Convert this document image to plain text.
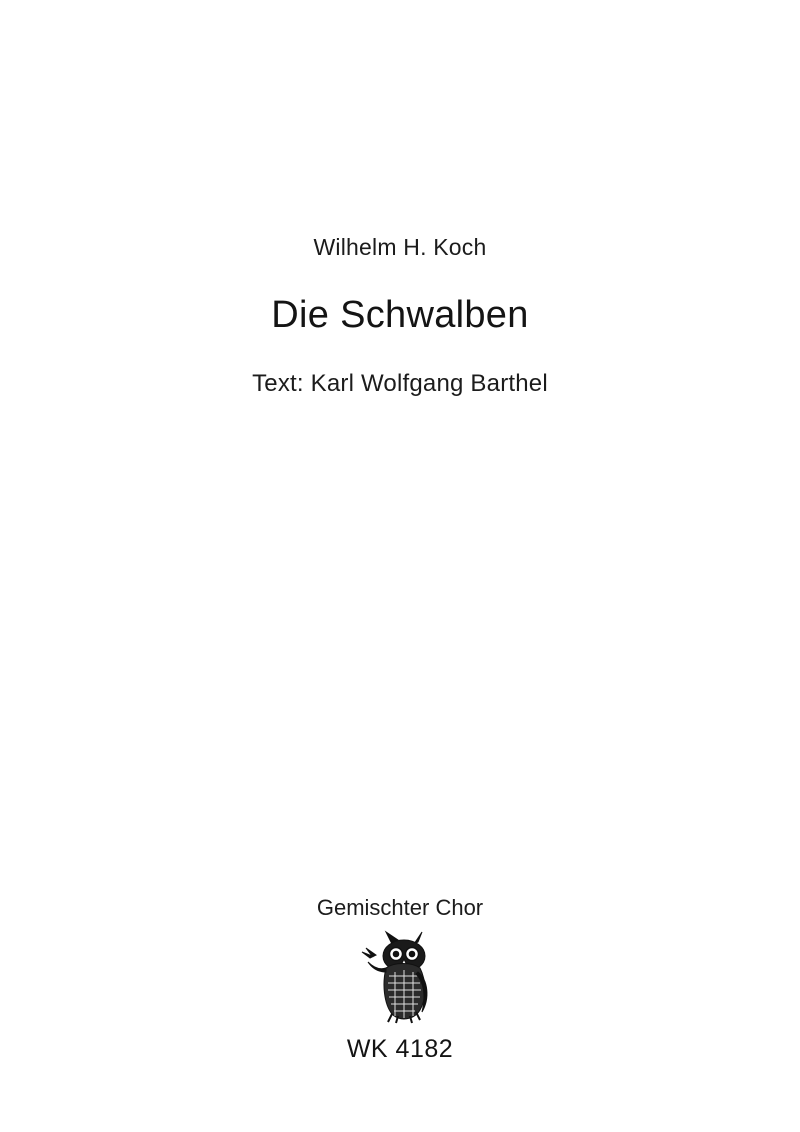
Wilhelm H. Koch
Die Schwalben
Text: Karl Wolfgang Barthel
Gemischter Chor
WK 4182
